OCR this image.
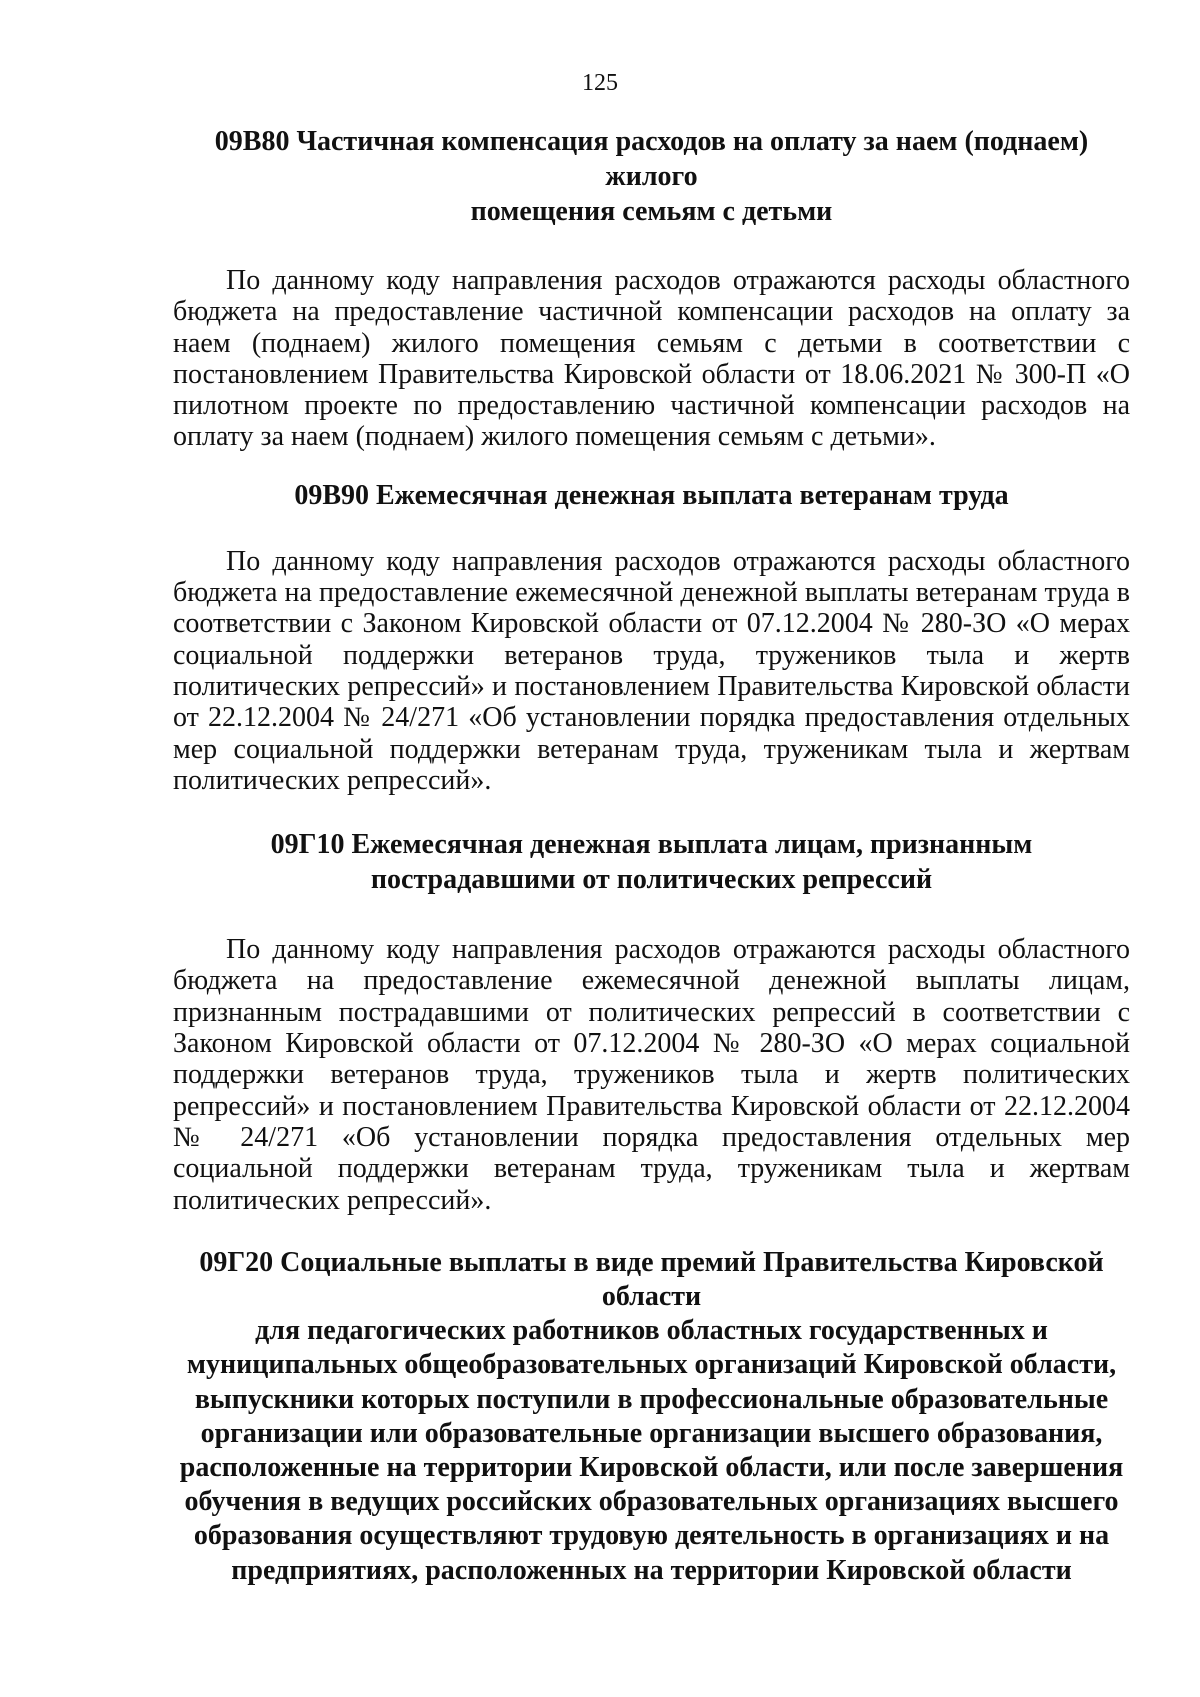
125
09В80 Частичная компенсация расходов на оплату за наем (поднаем) жилого
помещения семьям с детьми

По данному коду направления расходов отражаются расходы областного бюджета на предоставление частичной компенсации расходов на оплату за наем (поднаем) жилого помещения семьям с детьми в соответствии с постановлением Правительства Кировской области от 18.06.2021 № 300-П «О пилотном проекте по предоставлению частичной компенсации расходов на оплату за наем (поднаем) жилого помещения семьям с детьми».

09В90 Ежемесячная денежная выплата ветеранам труда

По данному коду направления расходов отражаются расходы областного бюджета на предоставление ежемесячной денежной выплаты ветеранам труда в соответствии с Законом Кировской области от 07.12.2004 № 280-ЗО «О мерах социальной поддержки ветеранов труда, тружеников тыла и жертв политических репрессий» и постановлением Правительства Кировской области от 22.12.2004 № 24/271 «Об установлении порядка предоставления отдельных мер социальной поддержки ветеранам труда, труженикам тыла и жертвам политических репрессий».

09Г10 Ежемесячная денежная выплата лицам, признанным
пострадавшими от политических репрессий

По данному коду направления расходов отражаются расходы областного бюджета на предоставление ежемесячной денежной выплаты лицам, признанным пострадавшими от политических репрессий в соответствии с Законом Кировской области от 07.12.2004 № 280-ЗО «О мерах социальной поддержки ветеранов труда, тружеников тыла и жертв политических репрессий» и постановлением Правительства Кировской области от 22.12.2004 № 24/271 «Об установлении порядка предоставления отдельных мер социальной поддержки ветеранам труда, труженикам тыла и жертвам политических репрессий».

09Г20 Социальные выплаты в виде премий Правительства Кировской области
для педагогических работников областных государственных и
муниципальных общеобразовательных организаций Кировской области,
выпускники которых поступили в профессиональные образовательные
организации или образовательные организации высшего образования,
расположенные на территории Кировской области, или после завершения
обучения в ведущих российских образовательных организациях высшего
образования осуществляют трудовую деятельность в организациях и на
предприятиях, расположенных на территории Кировской области
